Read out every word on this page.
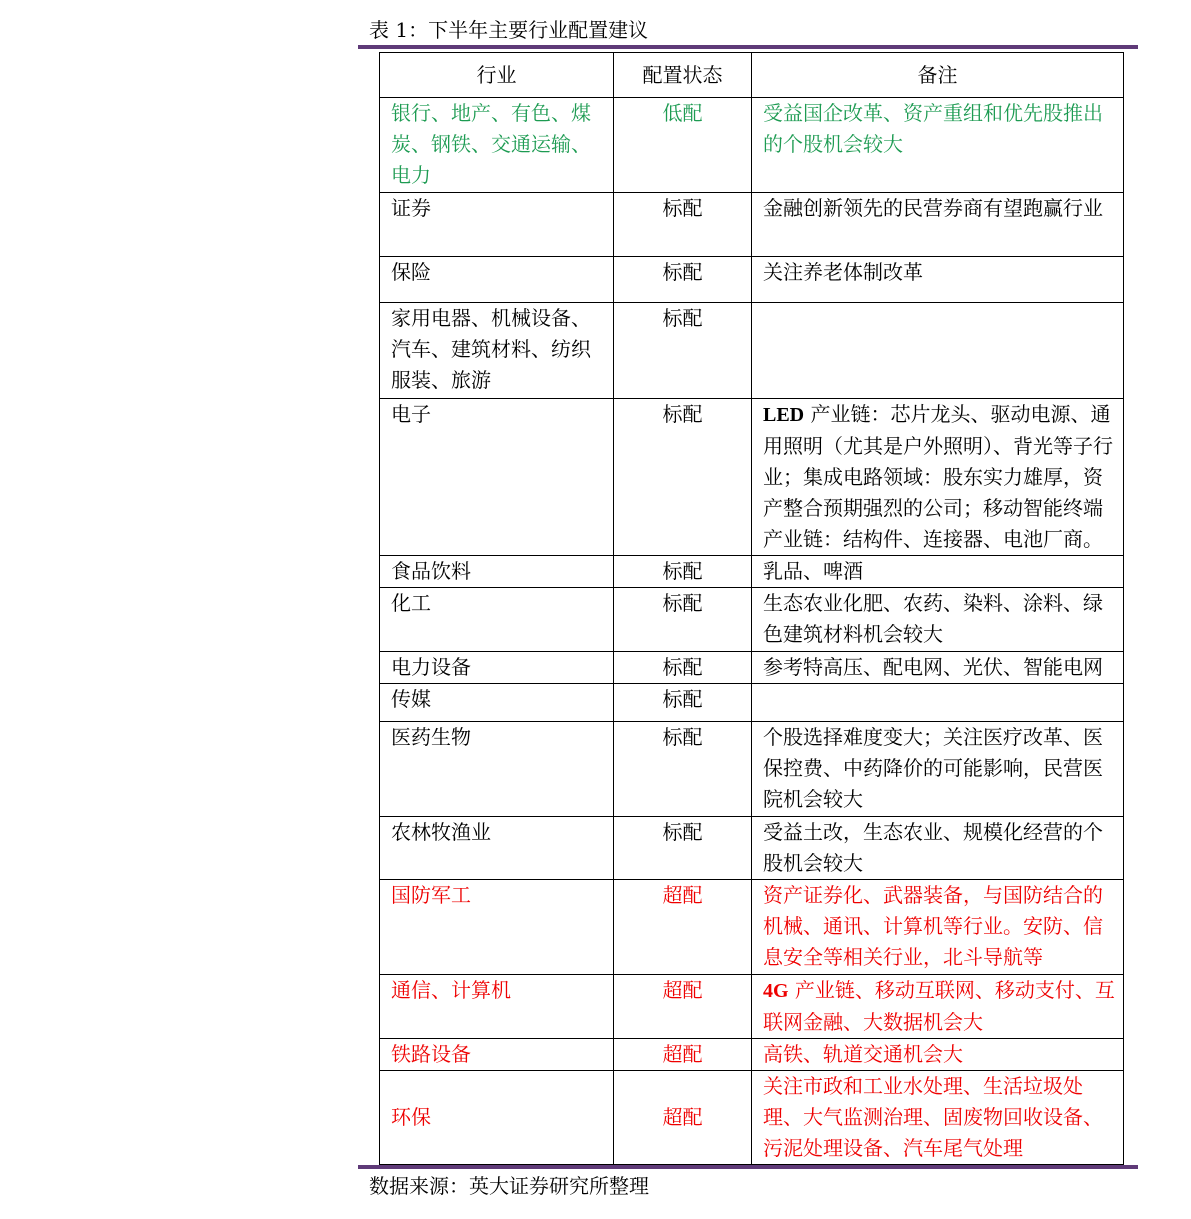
表 1：下半年主要行业配置建议
行业	配置状态	备注
银行、地产、有色、煤炭、钢铁、交通运输、电力	低配	受益国企改革、资产重组和优先股推出的个股机会较大
证券	标配	金融创新领先的民营券商有望跑赢行业
保险	标配	关注养老体制改革
家用电器、机械设备、汽车、建筑材料、纺织服装、旅游	标配	
电子	标配	LED 产业链：芯片龙头、驱动电源、通用照明（尤其是户外照明）、背光等子行业；集成电路领域：股东实力雄厚，资产整合预期强烈的公司；移动智能终端产业链：结构件、连接器、电池厂商。
食品饮料	标配	乳品、啤酒
化工	标配	生态农业化肥、农药、染料、涂料、绿色建筑材料机会较大
电力设备	标配	参考特高压、配电网、光伏、智能电网
传媒	标配	
医药生物	标配	个股选择难度变大；关注医疗改革、医保控费、中药降价的可能影响，民营医院机会较大
农林牧渔业	标配	受益土改，生态农业、规模化经营的个股机会较大
国防军工	超配	资产证券化、武器装备，与国防结合的机械、通讯、计算机等行业。安防、信息安全等相关行业，北斗导航等
通信、计算机	超配	4G 产业链、移动互联网、移动支付、互联网金融、大数据机会大
铁路设备	超配	高铁、轨道交通机会大
环保	超配	关注市政和工业水处理、生活垃圾处理、大气监测治理、固废物回收设备、污泥处理设备、汽车尾气处理
数据来源：英大证券研究所整理
